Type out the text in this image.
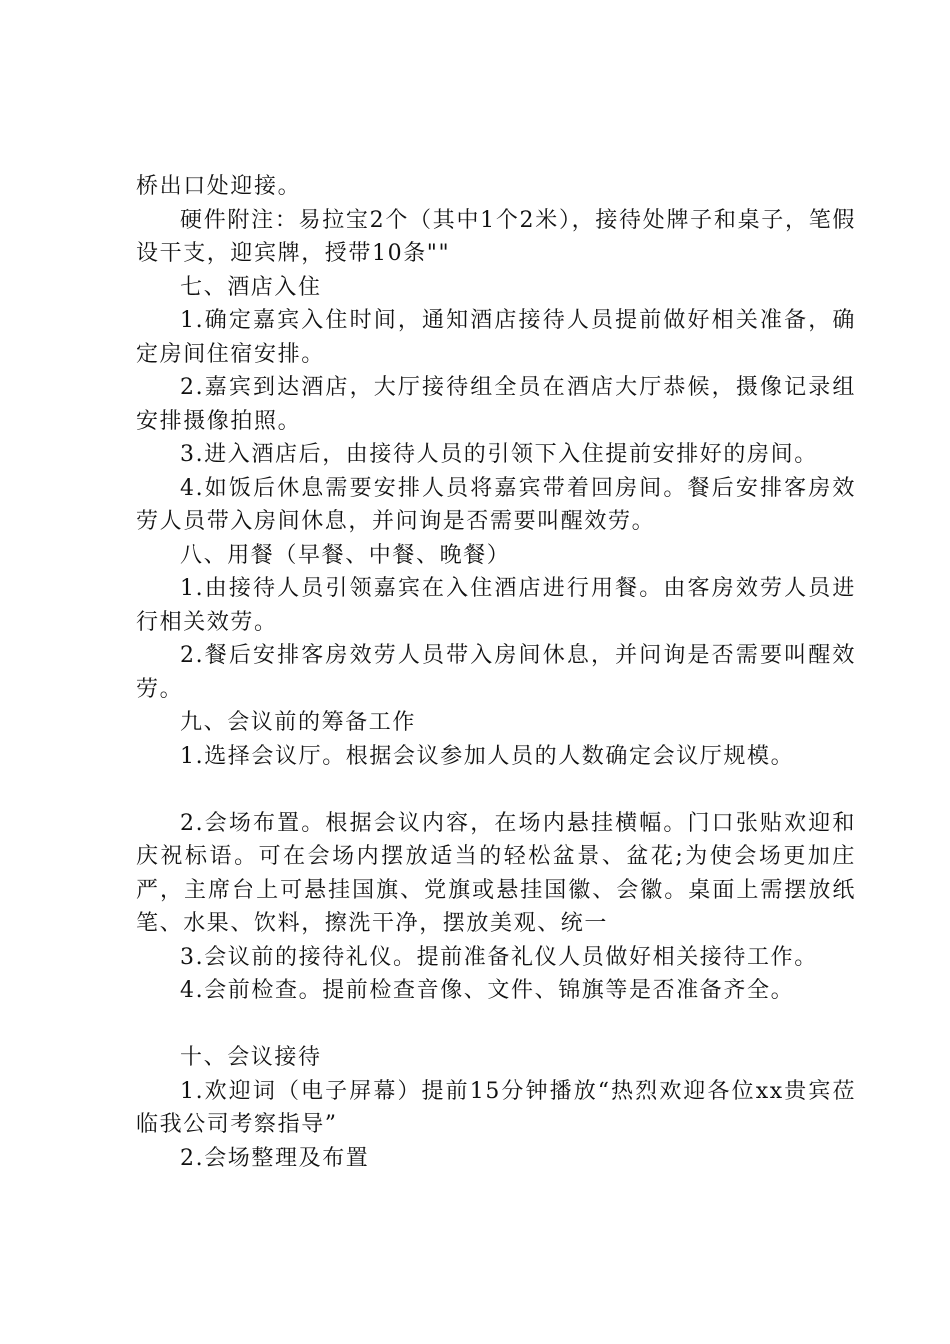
桥出口处迎接。

硬件附注：易拉宝2个（其中1个2米），接待处牌子和桌子，笔假设干支，迎宾牌，授带10条""

七、酒店入住

1.确定嘉宾入住时间，通知酒店接待人员提前做好相关准备，确定房间住宿安排。

2.嘉宾到达酒店，大厅接待组全员在酒店大厅恭候，摄像记录组安排摄像拍照。

3.进入酒店后，由接待人员的引领下入住提前安排好的房间。

4.如饭后休息需要安排人员将嘉宾带着回房间。餐后安排客房效劳人员带入房间休息，并问询是否需要叫醒效劳。

八、用餐（早餐、中餐、晚餐）

1.由接待人员引领嘉宾在入住酒店进行用餐。由客房效劳人员进行相关效劳。

2.餐后安排客房效劳人员带入房间休息，并问询是否需要叫醒效劳。

九、会议前的筹备工作

1.选择会议厅。根据会议参加人员的人数确定会议厅规模。

2.会场布置。根据会议内容，在场内悬挂横幅。门口张贴欢迎和庆祝标语。可在会场内摆放适当的轻松盆景、盆花;为使会场更加庄严，主席台上可悬挂国旗、党旗或悬挂国徽、会徽。桌面上需摆放纸笔、水果、饮料，擦洗干净，摆放美观、统一

3.会议前的接待礼仪。提前准备礼仪人员做好相关接待工作。

4.会前检查。提前检查音像、文件、锦旗等是否准备齐全。

十、会议接待

1.欢迎词（电子屏幕）提前15分钟播放“热烈欢迎各位xx贵宾莅临我公司考察指导”

2.会场整理及布置
